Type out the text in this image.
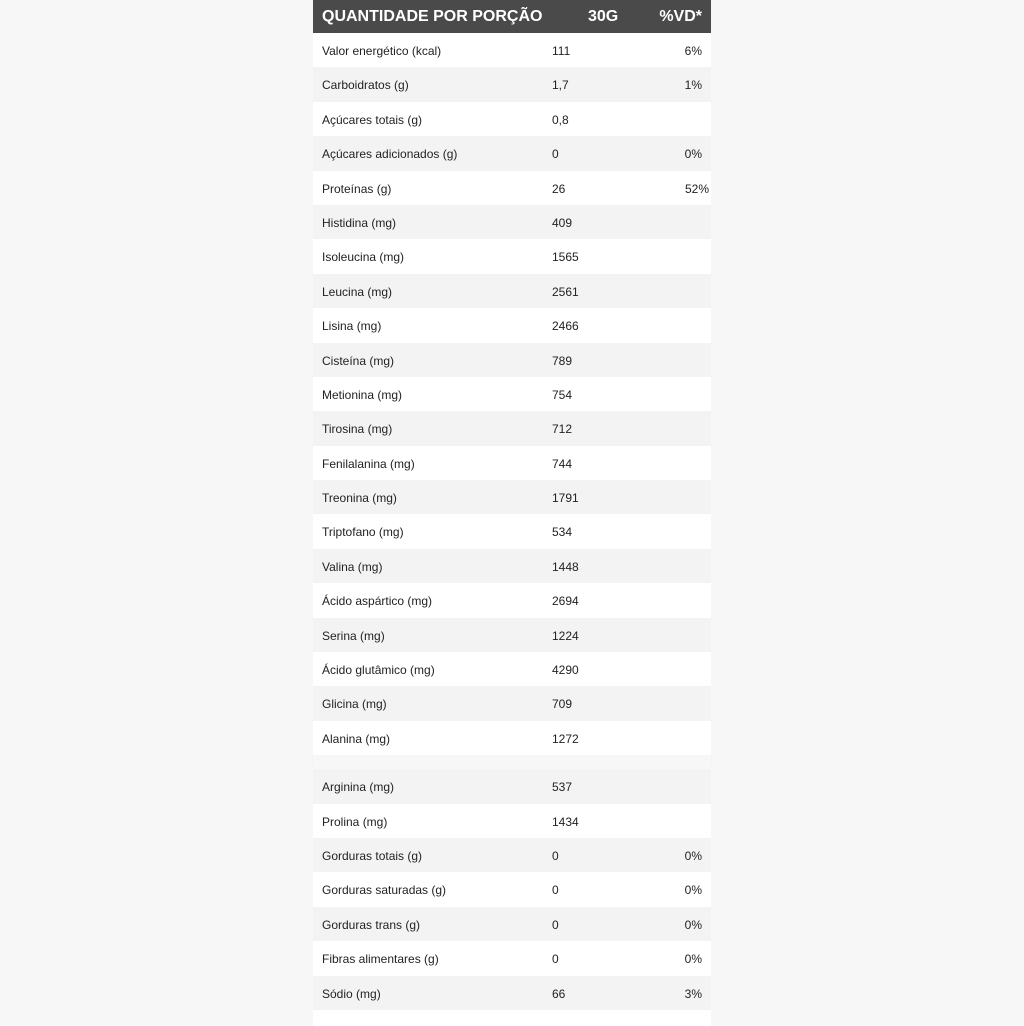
QUANTIDADE POR PORÇÃO	30G	%VD*
Valor energético (kcal)	111	6%
Carboidratos (g)	1,7	1%
Açúcares totais (g)	0,8
Açúcares adicionados (g)	0	0%
Proteínas (g)	26	52%
Histidina (mg)	409
Isoleucina (mg)	1565
Leucina (mg)	2561
Lisina (mg)	2466
Cisteína (mg)	789
Metionina (mg)	754
Tirosina (mg)	712
Fenilalanina (mg)	744
Treonina (mg)	1791
Triptofano (mg)	534
Valina (mg)	1448
Ácido aspártico (mg)	2694
Serina (mg)	1224
Ácido glutâmico (mg)	4290
Glicina (mg)	709
Alanina (mg)	1272
Arginina (mg)	537
Prolina (mg)	1434
Gorduras totais (g)	0	0%
Gorduras saturadas (g)	0	0%
Gorduras trans (g)	0	0%
Fibras alimentares (g)	0	0%
Sódio (mg)	66	3%
